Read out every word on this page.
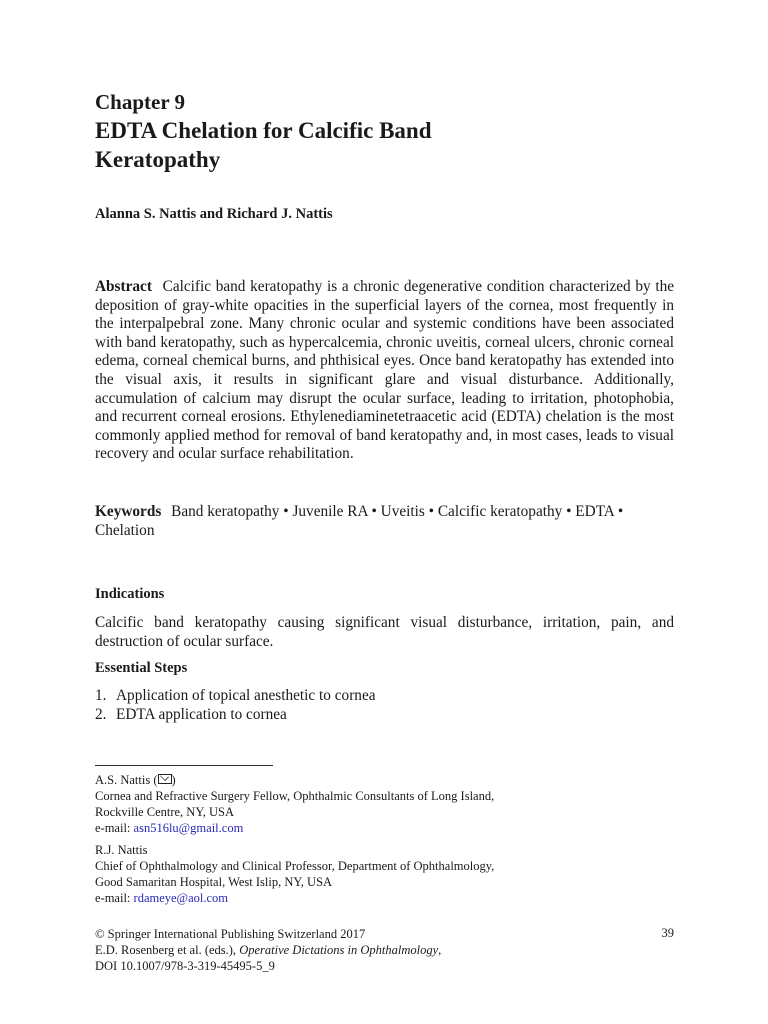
Chapter 9
EDTA Chelation for Calcific Band
Keratopathy
Alanna S. Nattis and Richard J. Nattis
Abstract Calcific band keratopathy is a chronic degenerative condition characterized by the deposition of gray-white opacities in the superficial layers of the cornea, most frequently in the interpalpebral zone. Many chronic ocular and systemic conditions have been associated with band keratopathy, such as hypercalcemia, chronic uveitis, corneal ulcers, chronic corneal edema, corneal chemical burns, and phthisical eyes. Once band keratopathy has extended into the visual axis, it results in significant glare and visual disturbance. Additionally, accumulation of calcium may disrupt the ocular surface, leading to irritation, photophobia, and recurrent corneal erosions. Ethylenediaminetetraacetic acid (EDTA) chelation is the most commonly applied method for removal of band keratopathy and, in most cases, leads to visual recovery and ocular surface rehabilitation.
Keywords Band keratopathy • Juvenile RA • Uveitis • Calcific keratopathy • EDTA • Chelation
Indications
Calcific band keratopathy causing significant visual disturbance, irritation, pain, and destruction of ocular surface.
Essential Steps
1. Application of topical anesthetic to cornea
2. EDTA application to cornea
A.S. Nattis ( )
Cornea and Refractive Surgery Fellow, Ophthalmic Consultants of Long Island,
Rockville Centre, NY, USA
e-mail: asn516lu@gmail.com
R.J. Nattis
Chief of Ophthalmology and Clinical Professor, Department of Ophthalmology,
Good Samaritan Hospital, West Islip, NY, USA
e-mail: rdameye@aol.com
© Springer International Publishing Switzerland 2017
E.D. Rosenberg et al. (eds.), Operative Dictations in Ophthalmology,
DOI 10.1007/978-3-319-45495-5_9
39
